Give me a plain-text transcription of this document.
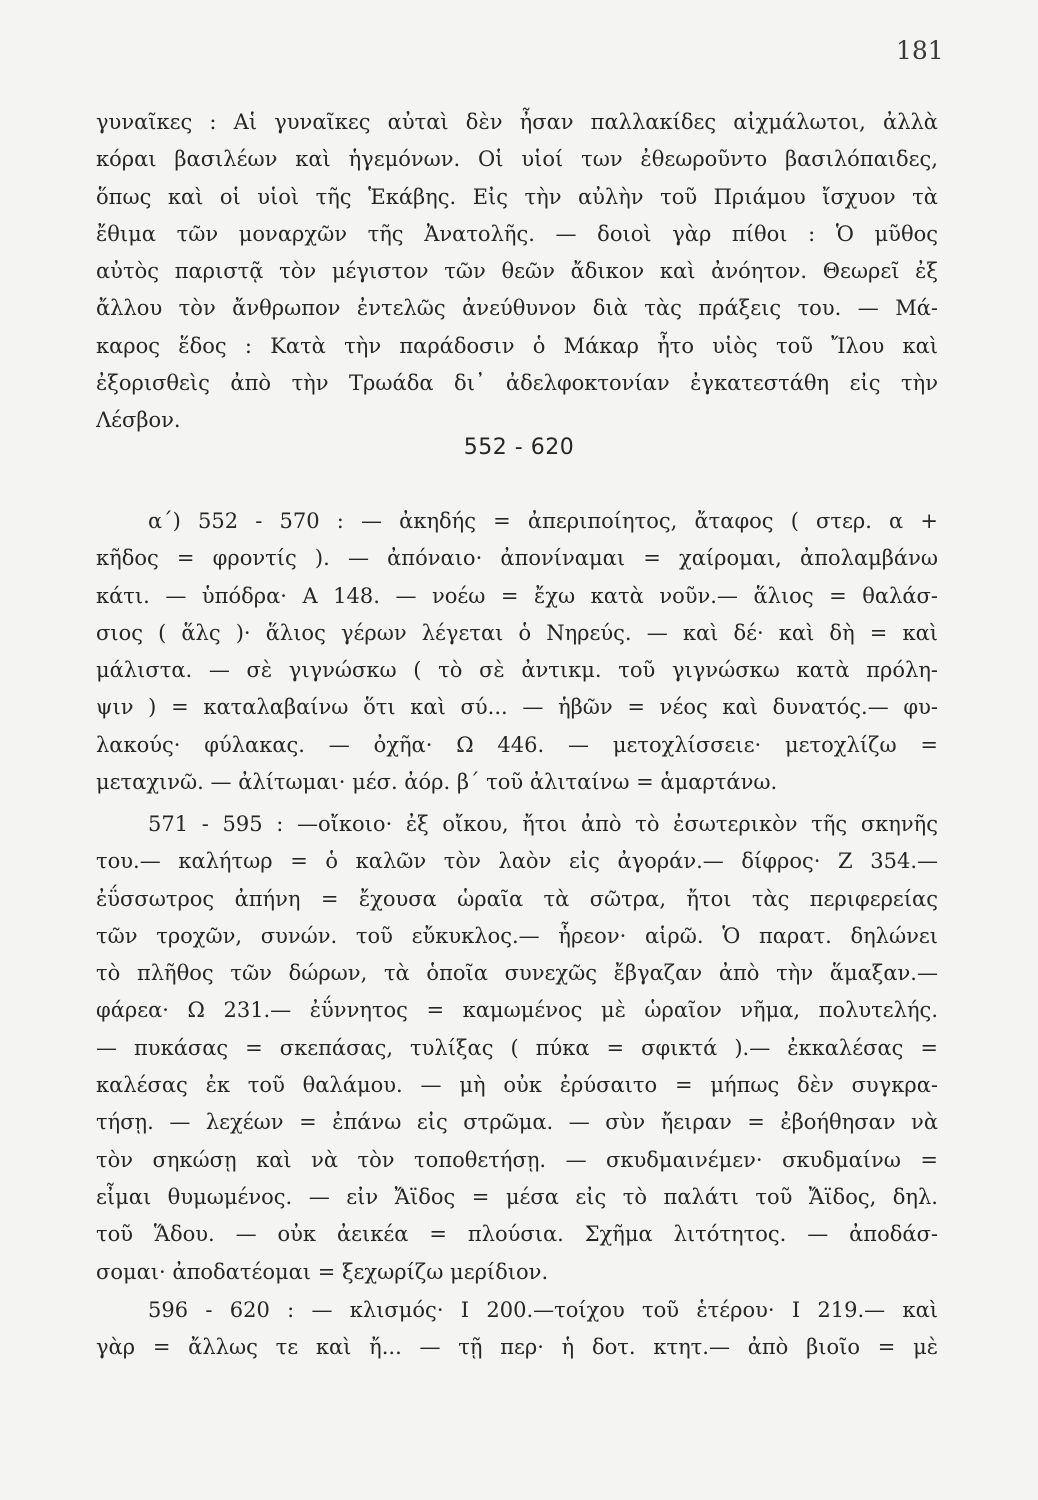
181
γυναῖκες : Αἱ γυναῖκες αὐταὶ δὲν ἦσαν παλλακίδες αἰχμάλωτοι, ἀλλὰ
κόραι βασιλέων καὶ ἡγεμόνων. Οἱ υἱοί των ἐθεωροῦντο βασιλόπαιδες,
ὅπως καὶ οἱ υἱοὶ τῆς Ἑκάβης. Εἰς τὴν αὐλὴν τοῦ Πριάμου ἴσχυον τὰ
ἔθιμα τῶν μοναρχῶν τῆς Ἀνατολῆς. — δοιοὶ γὰρ πίθοι : Ὁ μῦθος
αὐτὸς παριστᾷ τὸν μέγιστον τῶν θεῶν ἄδικον καὶ ἀνόητον. Θεωρεῖ ἐξ
ἄλλου τὸν ἄνθρωπον ἐντελῶς ἀνεύθυνον διὰ τὰς πράξεις του. — Μά-
καρος ἕδος : Κατὰ τὴν παράδοσιν ὁ Μάκαρ ἦτο υἱὸς τοῦ Ἴλου καὶ
ἐξορισθεὶς ἀπὸ τὴν Τρωάδα δι᾿ ἀδελφοκτονίαν ἐγκατεστάθη εἰς τὴν
Λέσβον.
552 - 620
α΄) 552 - 570 : — ἀκηδής = ἀπεριποίητος, ἄταφος ( στερ. α +
κῆδος = φροντίς ). — ἀπόναιο· ἀπονίναμαι = χαίρομαι, ἀπολαμβάνω
κάτι. — ὑπόδρα· Α 148. — νοέω = ἔχω κατὰ νοῦν.— ἅλιος = θαλάσ-
σιος ( ἅλς )· ἅλιος γέρων λέγεται ὁ Νηρεύς. — καὶ δέ· καὶ δὴ = καὶ
μάλιστα. — σὲ γιγνώσκω ( τὸ σὲ ἀντικμ. τοῦ γιγνώσκω κατὰ πρόλη-
ψιν ) = καταλαβαίνω ὅτι καὶ σύ... — ἡβῶν = νέος καὶ δυνατός.— φυ-
λακούς· φύλακας. — ὀχῆα· Ω 446. — μετοχλίσσειε· μετοχλίζω =
μεταχινῶ. — ἀλίτωμαι· μέσ. ἀόρ. β΄ τοῦ ἀλιταίνω = ἁμαρτάνω.
571 - 595 : —οἴκοιο· ἐξ οἴκου, ἤτοι ἀπὸ τὸ ἐσωτερικὸν τῆς σκηνῆς
του.— καλήτωρ = ὁ καλῶν τὸν λαὸν εἰς ἀγοράν.— δίφρος· Ζ 354.—
ἐΰσσωτρος ἀπήνη = ἔχουσα ὡραῖα τὰ σῶτρα, ἤτοι τὰς περιφερείας
τῶν τροχῶν, συνών. τοῦ εὔκυκλος.— ἧρεον· αἱρῶ. Ὁ παρατ. δηλώνει
τὸ πλῆθος τῶν δώρων, τὰ ὁποῖα συνεχῶς ἔβγαζαν ἀπὸ τὴν ἅμαξαν.—
φάρεα· Ω 231.— ἐΰννητος = καμωμένος μὲ ὡραῖον νῆμα, πολυτελής.
— πυκάσας = σκεπάσας, τυλίξας ( πύκα = σφικτά ).— ἐκκαλέσας =
καλέσας ἐκ τοῦ θαλάμου. — μὴ οὐκ ἐρύσαιτο = μήπως δὲν συγκρα-
τήσῃ. — λεχέων = ἐπάνω εἰς στρῶμα. — σὺν ἤειραν = ἐβοήθησαν νὰ
τὸν σηκώσῃ καὶ νὰ τὸν τοποθετήσῃ. — σκυδμαινέμεν· σκυδμαίνω =
εἶμαι θυμωμένος. — εἰν Ἄϊδος = μέσα εἰς τὸ παλάτι τοῦ Ἄϊδος, δηλ.
τοῦ Ἅδου. — οὐκ ἀεικέα = πλούσια. Σχῆμα λιτότητος. — ἀποδάσ-
σομαι· ἀποδατέομαι = ξεχωρίζω μερίδιον.
596 - 620 : — κλισμός· Ι 200.—τοίχου τοῦ ἑτέρου· Ι 219.— καὶ
γὰρ = ἄλλως τε καὶ ἤ... — τῇ περ· ἡ δοτ. κτητ.— ἀπὸ βιοῖο = μὲ
